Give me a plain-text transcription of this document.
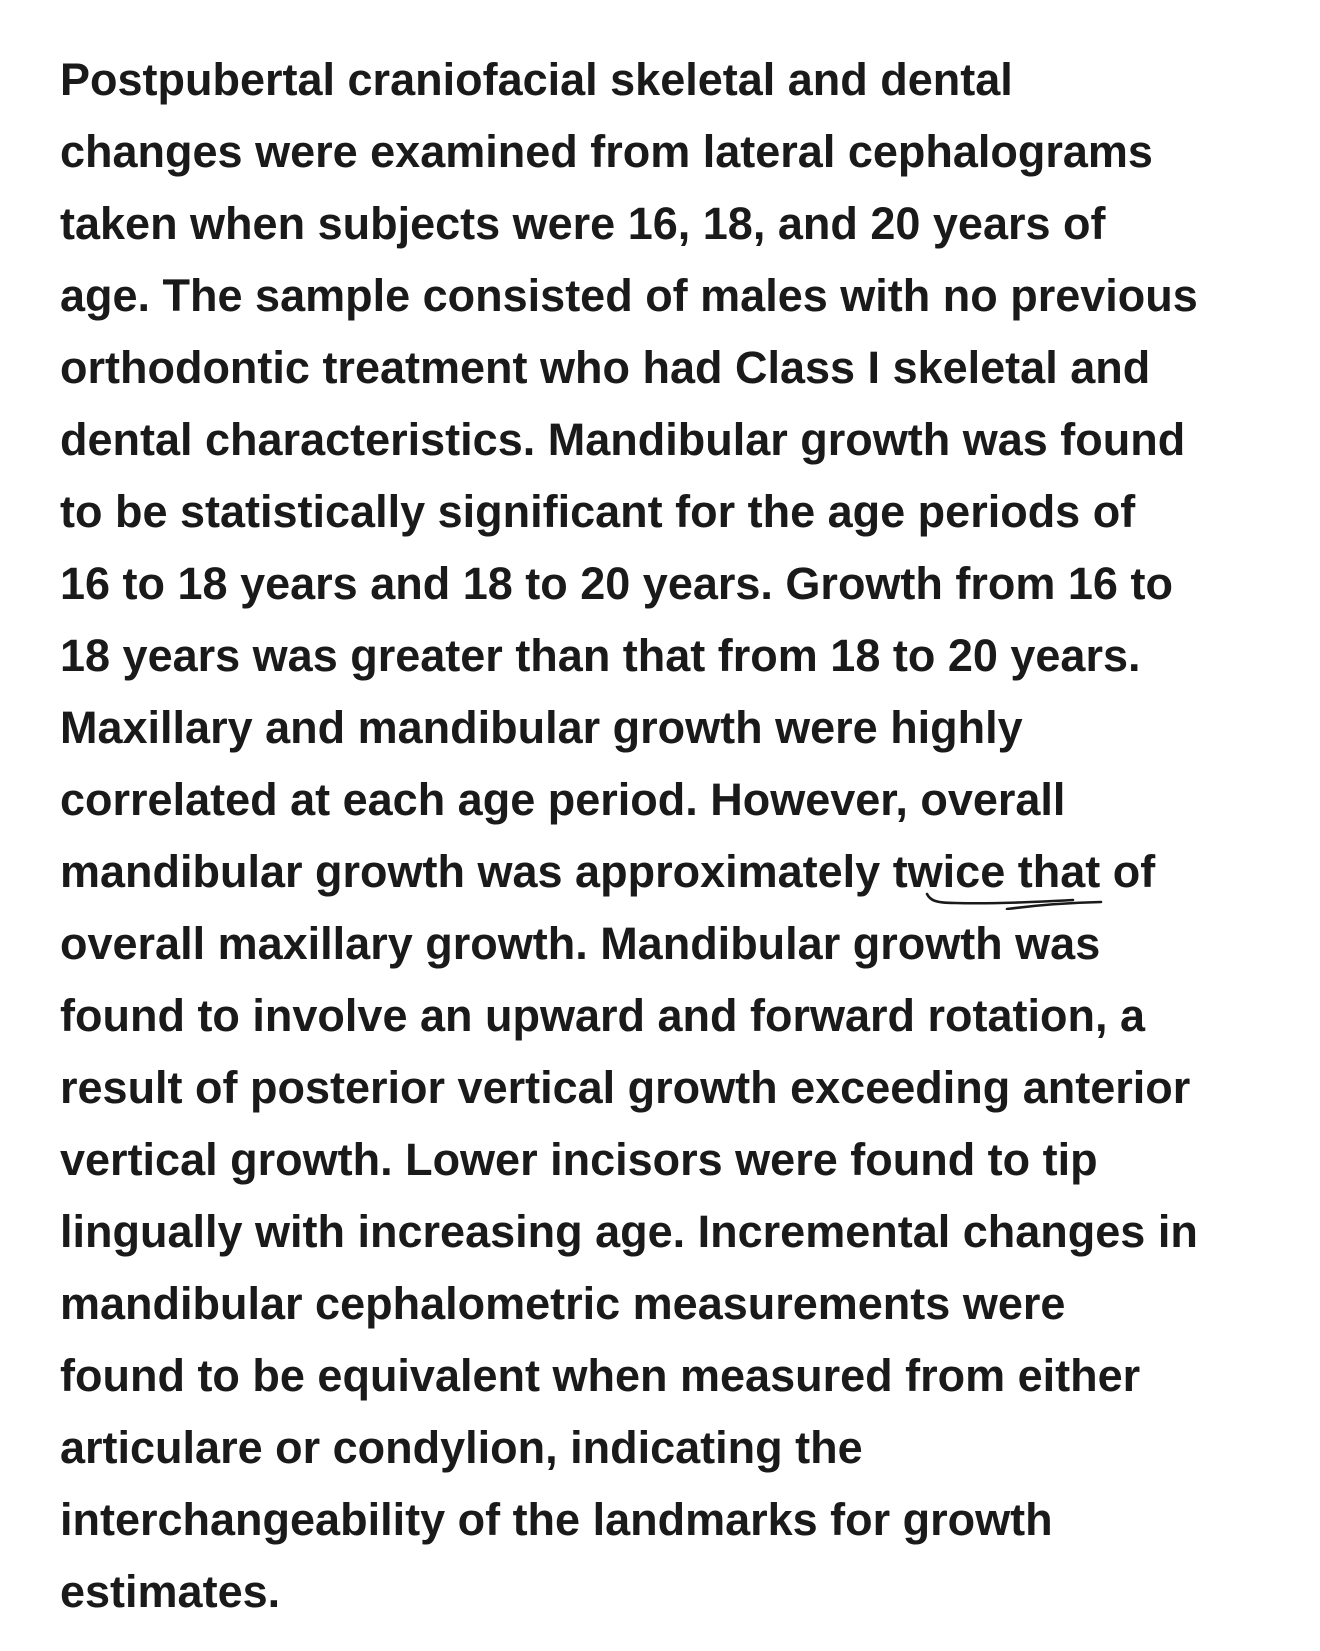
Postpubertal craniofacial skeletal and dental
changes were examined from lateral cephalograms
taken when subjects were 16, 18, and 20 years of
age. The sample consisted of males with no previous
orthodontic treatment who had Class I skeletal and
dental characteristics. Mandibular growth was found
to be statistically significant for the age periods of
16 to 18 years and 18 to 20 years. Growth from 16 to
18 years was greater than that from 18 to 20 years.
Maxillary and mandibular growth were highly
correlated at each age period. However, overall
mandibular growth was approximately twice that of
overall maxillary growth. Mandibular growth was
found to involve an upward and forward rotation, a
result of posterior vertical growth exceeding anterior
vertical growth. Lower incisors were found to tip
lingually with increasing age. Incremental changes in
mandibular cephalometric measurements were
found to be equivalent when measured from either
articulare or condylion, indicating the
interchangeability of the landmarks for growth
estimates.
